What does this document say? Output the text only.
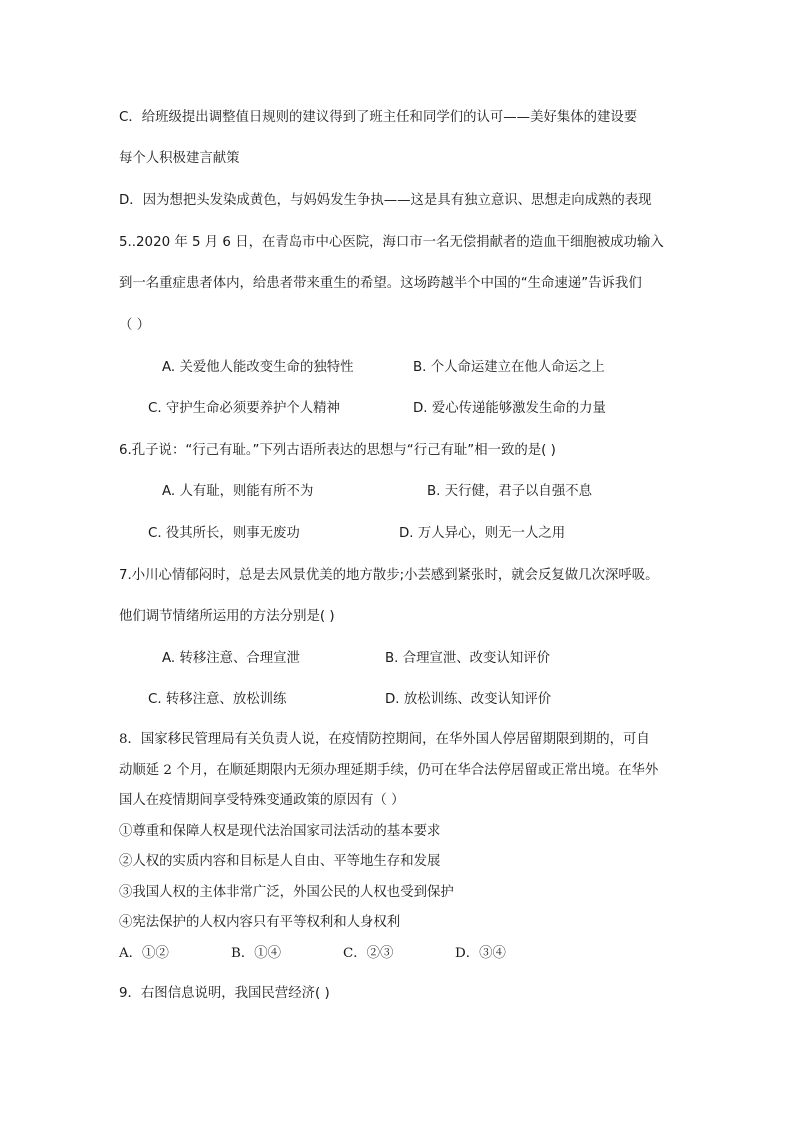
C．给班级提出调整值日规则的建议得到了班主任和同学们的认可——美好集体的建设要
每个人积极建言献策
D．因为想把头发染成黄色，与妈妈发生争执——这是具有独立意识、思想走向成熟的表现
5..2020 年 5 月 6 日，在青岛市中心医院，海口市一名无偿捐献者的造血干细胞被成功输入
到一名重症患者体内，给患者带来重生的希望。这场跨越半个中国的“生命速递”告诉我们
（ ）
A. 关爱他人能改变生命的独特性	B. 个人命运建立在他人命运之上
C. 守护生命必须要养护个人精神	D. 爱心传递能够激发生命的力量
6.孔子说：“行己有耻。”下列古语所表达的思想与“行己有耻”相一致的是( )
A. 人有耻，则能有所不为	B. 天行健，君子以自强不息
C. 役其所长，则事无废功	D. 万人异心，则无一人之用
7.小川心情郁闷时，总是去风景优美的地方散步;小芸感到紧张时，就会反复做几次深呼吸。
他们调节情绪所运用的方法分别是( )
A. 转移注意、合理宣泄	B. 合理宣泄、改变认知评价
C. 转移注意、放松训练	D. 放松训练、改变认知评价
8．国家移民管理局有关负责人说，在疫情防控期间，在华外国人停居留期限到期的，可自
动顺延 2 个月，在顺延期限内无须办理延期手续，仍可在华合法停居留或正常出境。在华外
国人在疫情期间享受特殊变通政策的原因有（ ）
①尊重和保障人权是现代法治国家司法活动的基本要求
②人权的实质内容和目标是人自由、平等地生存和发展
③我国人权的主体非常广泛，外国公民的人权也受到保护
④宪法保护的人权内容只有平等权利和人身权利
A．①②	B．①④	C．②③	D．③④
9．右图信息说明，我国民营经济( )
